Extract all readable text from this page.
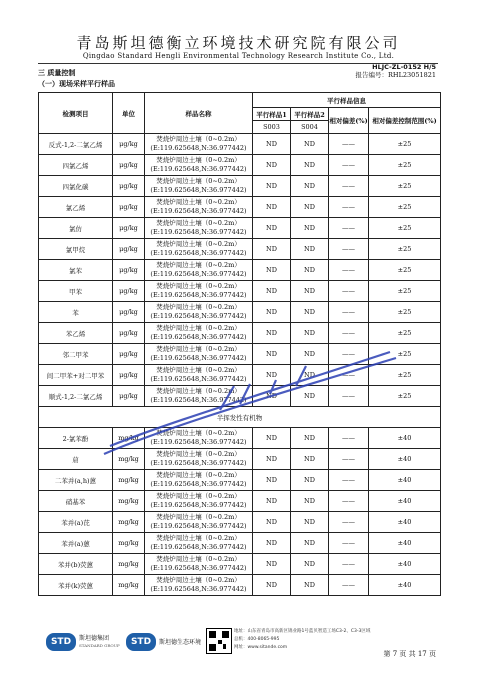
青岛斯坦德衡立环境技术研究院有限公司
Qingdao Standard Hengli Environmental Technology Research Institute Co., Ltd.
HLJC-ZL-0152 H/5
三 质量控制	报告编号：RHL23051821
（一）现场采样平行样品
检测项目	单位	样品名称	平行样品信息			
			平行样品1	平行样品2	相对偏差(%)	相对偏差控制范围(%)
			S003	S004		
反式-1,2-二氯乙烯	μg/kg	焚烧炉周边土壤（0~0.2m）
(E:119.625648,N:36.977442)	ND	ND	——	±25
四氯乙烯	μg/kg	焚烧炉周边土壤（0~0.2m）
(E:119.625648,N:36.977442)	ND	ND	——	±25
四氯化碳	μg/kg	焚烧炉周边土壤（0~0.2m）
(E:119.625648,N:36.977442)	ND	ND	——	±25
氯乙烯	μg/kg	焚烧炉周边土壤（0~0.2m）
(E:119.625648,N:36.977442)	ND	ND	——	±25
氯仿	μg/kg	焚烧炉周边土壤（0~0.2m）
(E:119.625648,N:36.977442)	ND	ND	——	±25
氯甲烷	μg/kg	焚烧炉周边土壤（0~0.2m）
(E:119.625648,N:36.977442)	ND	ND	——	±25
氯苯	μg/kg	焚烧炉周边土壤（0~0.2m）
(E:119.625648,N:36.977442)	ND	ND	——	±25
甲苯	μg/kg	焚烧炉周边土壤（0~0.2m）
(E:119.625648,N:36.977442)	ND	ND	——	±25
苯	μg/kg	焚烧炉周边土壤（0~0.2m）
(E:119.625648,N:36.977442)	ND	ND	——	±25
苯乙烯	μg/kg	焚烧炉周边土壤（0~0.2m）
(E:119.625648,N:36.977442)	ND	ND	——	±25
邻二甲苯	μg/kg	焚烧炉周边土壤（0~0.2m）
(E:119.625648,N:36.977442)	ND	ND	——	±25
间二甲苯+对二甲苯	μg/kg	焚烧炉周边土壤（0~0.2m）
(E:119.625648,N:36.977442)	ND	ND	——	±25
顺式-1,2-二氯乙烯	μg/kg	焚烧炉周边土壤（0~0.2m）
(E:119.625648,N:36.977442)	ND	ND	——	±25
半挥发性有机物						
2-氯苯酚	mg/kg	焚烧炉周边土壤（0~0.2m）
(E:119.625648,N:36.977442)	ND	ND	——	±40
䓛	mg/kg	焚烧炉周边土壤（0~0.2m）
(E:119.625648,N:36.977442)	ND	ND	——	±40
二苯并(a,h)蒽	mg/kg	焚烧炉周边土壤（0~0.2m）
(E:119.625648,N:36.977442)	ND	ND	——	±40
硝基苯	mg/kg	焚烧炉周边土壤（0~0.2m）
(E:119.625648,N:36.977442)	ND	ND	——	±40
苯并(a)芘	mg/kg	焚烧炉周边土壤（0~0.2m）
(E:119.625648,N:36.977442)	ND	ND	——	±40
苯并(a)蒽	mg/kg	焚烧炉周边土壤（0~0.2m）
(E:119.625648,N:36.977442)	ND	ND	——	±40
苯并(b)荧蒽	mg/kg	焚烧炉周边土壤（0~0.2m）
(E:119.625648,N:36.977442)	ND	ND	——	±40
苯并(k)荧蒽	mg/kg	焚烧炉周边土壤（0~0.2m）
(E:119.625648,N:36.977442)	ND	ND	——	±40
STD	斯坦德集团
STANDARD GROUP	STD	斯坦德生态环境
地址：山东省青岛市高新区锦业路1号蓝贝智造工场C3-2、C3-3区域
总机：400-8065-995
网址：www.sitande.com
第 7 页 共 17 页
